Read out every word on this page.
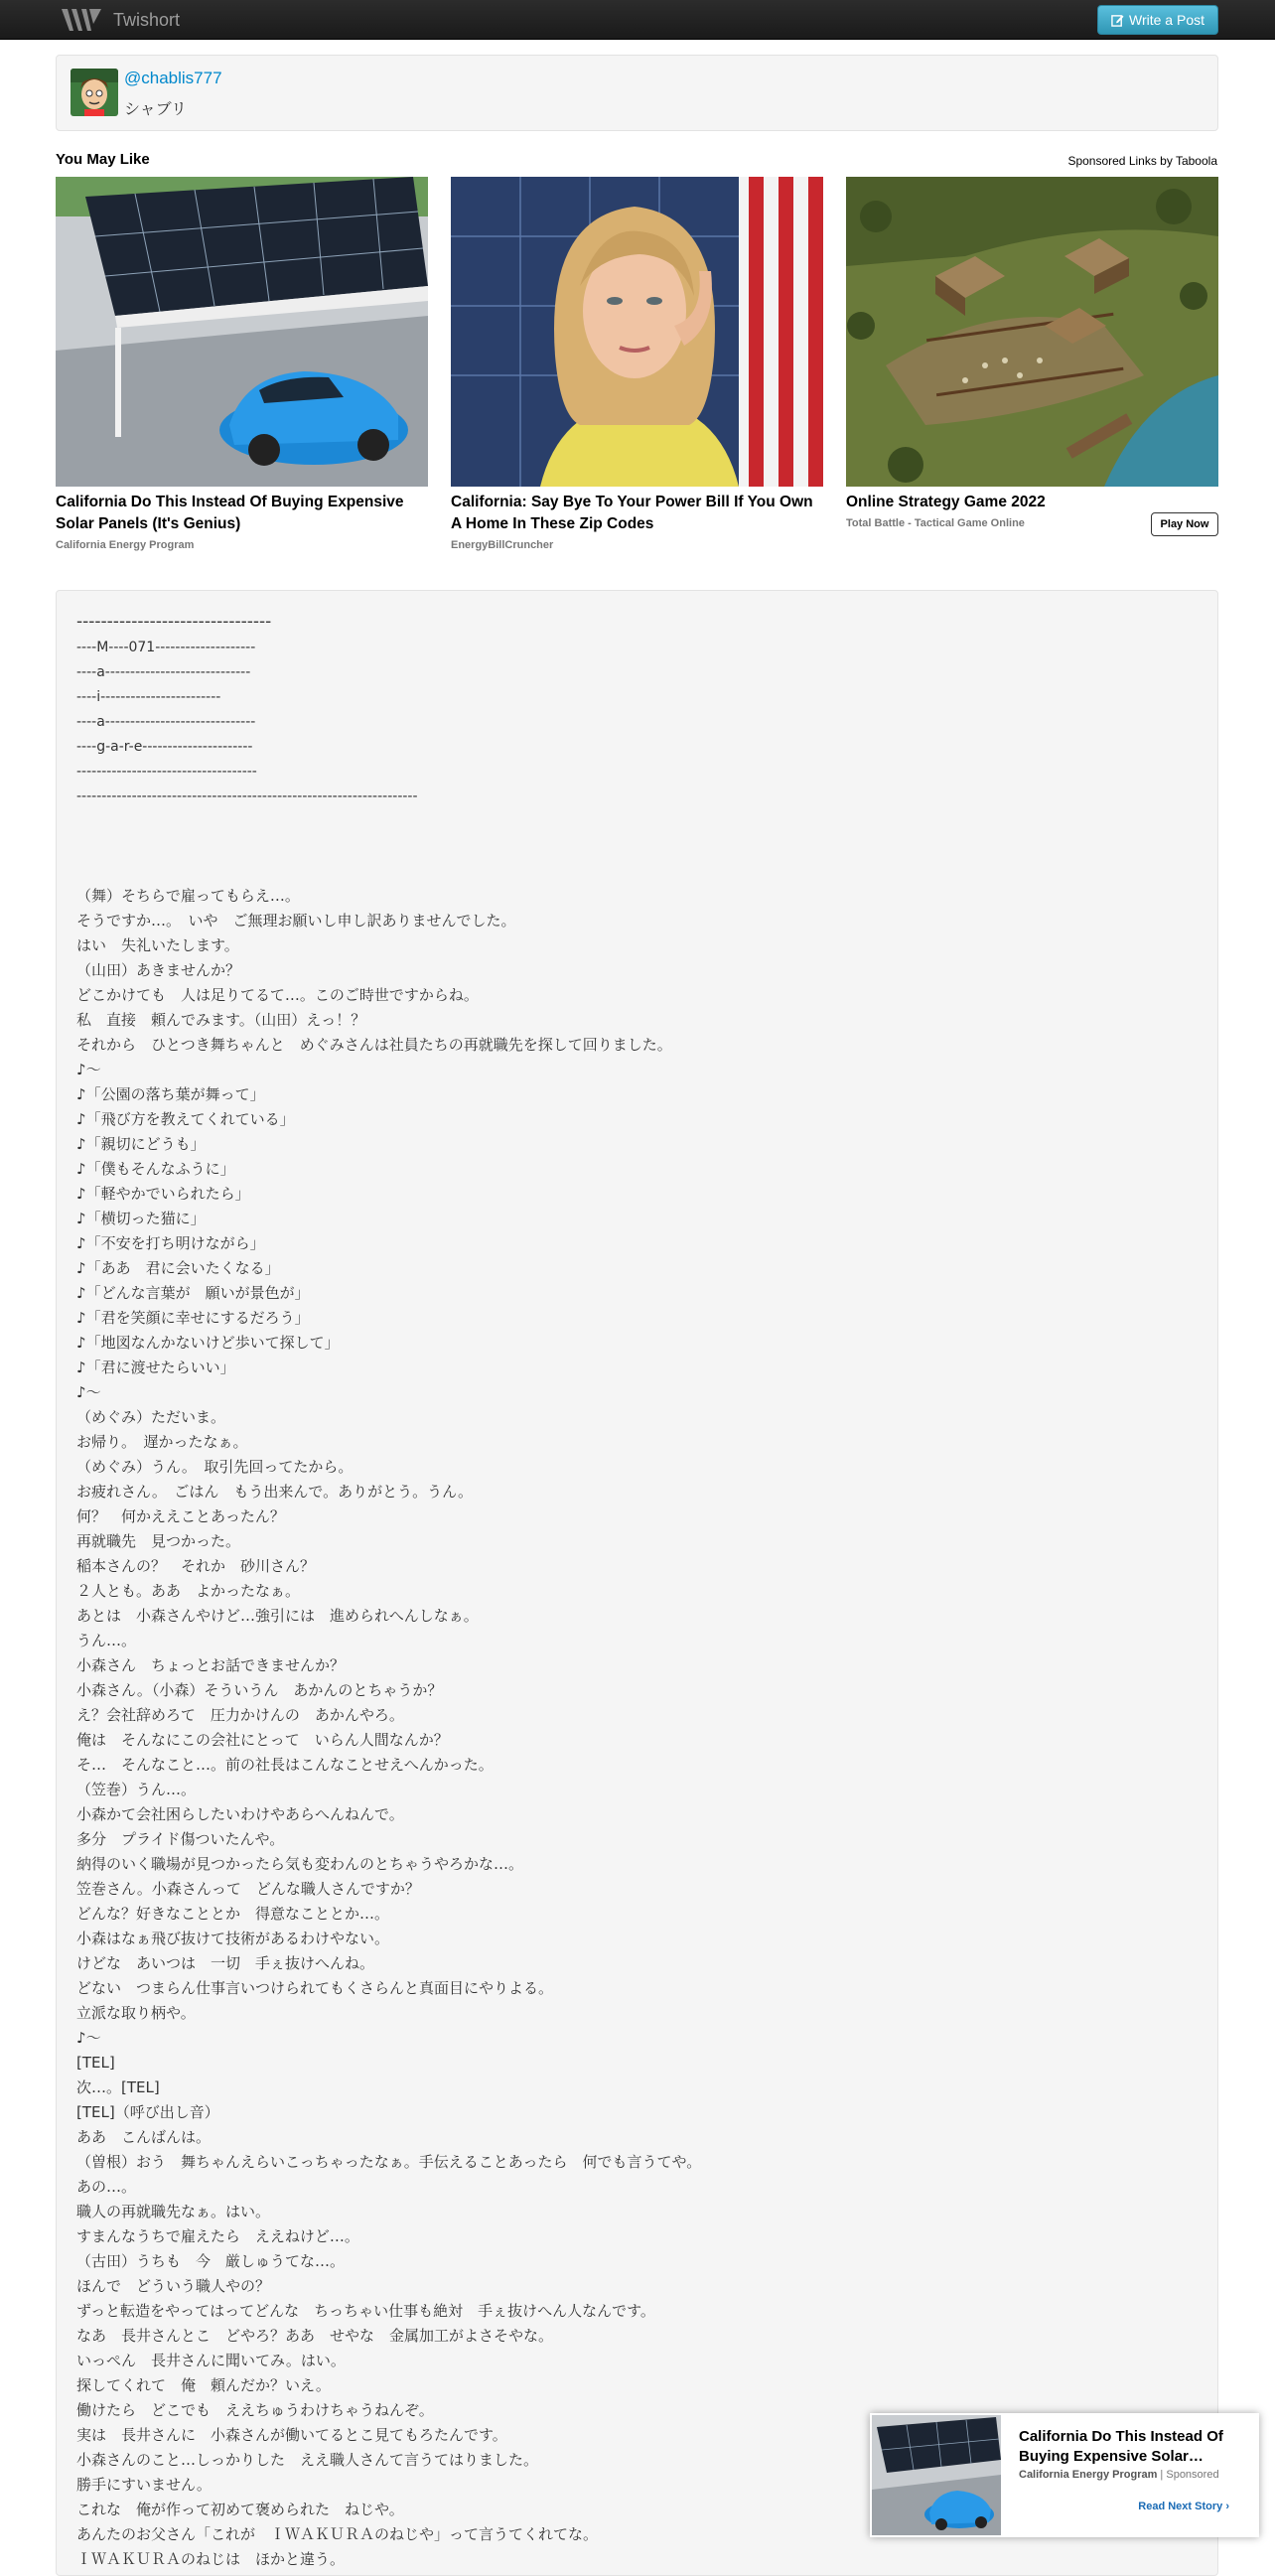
Twishort	Write a Post
@chablis777
シャブリ
You May Like	Sponsored Links by Taboola
California Do This Instead Of Buying Expensive Solar Panels (It's Genius)
California Energy Program
California: Say Bye To Your Power Bill If You Own A Home In These Zip Codes
EnergyBillCruncher
Online Strategy Game 2022
Total Battle - Tactical Game Online	Play Now
--------------------------------
----M----071--------------------
----a-----------------------------
----i------------------------
----a------------------------------
----g-a-r-e----------------------
------------------------------------
--------------------------------------------------------------------
（舞）そちらで雇ってもらえ…。
そうですか…。　いや　ご無理お願いし申し訳ありませんでした。
はい　失礼いたします。
（山田）あきませんか？
どこかけても　人は足りてるて…。このご時世ですからね。
私　直接　頼んでみます。（山田）えっ！？
それから　ひとつき舞ちゃんと　めぐみさんは社員たちの再就職先を探して回りました。
♪～
♪「公園の落ち葉が舞って」
♪「飛び方を教えてくれている」
♪「親切にどうも」
♪「僕もそんなふうに」
♪「軽やかでいられたら」
♪「横切った猫に」
♪「不安を打ち明けながら」
♪「ああ　君に会いたくなる」
♪「どんな言葉が　願いが景色が」
♪「君を笑顔に幸せにするだろう」
♪「地図なんかないけど歩いて探して」
♪「君に渡せたらいい」
♪～
（めぐみ）ただいま。
お帰り。　遅かったなぁ。
（めぐみ）うん。　取引先回ってたから。
お疲れさん。　ごはん　もう出来んで。ありがとう。うん。
何？　何かええことあったん？
再就職先　見つかった。
稲本さんの？　それか　砂川さん？
２人とも。ああ　よかったなぁ。
あとは　小森さんやけど…強引には　進められへんしなぁ。
うん…。
小森さん　ちょっとお話できませんか？
小森さん。（小森）そういうん　あかんのとちゃうか？
え？会社辞めろて　圧力かけんの　あかんやろ。
俺は　そんなにこの会社にとって　いらん人間なんか？
そ…　そんなこと…。前の社長はこんなことせえへんかった。
（笠巻）うん…。
小森かて会社困らしたいわけやあらへんねんで。
多分　プライド傷ついたんや。
納得のいく職場が見つかったら気も変わんのとちゃうやろかな…。
笠巻さん。小森さんって　どんな職人さんですか？
どんな？好きなこととか　得意なこととか…。
小森はなぁ飛び抜けて技術があるわけやない。
けどな　あいつは　一切　手ぇ抜けへんね。
どない　つまらん仕事言いつけられてもくさらんと真面目にやりよる。
立派な取り柄や。
♪～
[TEL]
次…。[TEL]
[TEL]（呼び出し音）
ああ　こんばんは。
（曽根）おう　舞ちゃんえらいこっちゃったなぁ。手伝えることあったら　何でも言うてや。
あの…。
職人の再就職先なぁ。はい。
すまんなうちで雇えたら　ええねけど…。
（古田）うちも　今　厳しゅうてな…。
ほんで　どういう職人やの？
ずっと転造をやってはってどんな　ちっちゃい仕事も絶対　手ぇ抜けへん人なんです。
なあ　長井さんとこ　どやろ？ああ　せやな　金属加工がよさそやな。
いっぺん　長井さんに聞いてみ。はい。
探してくれて　俺　頼んだか？いえ。
働けたら　どこでも　ええちゅうわけちゃうねんぞ。
実は　長井さんに　小森さんが働いてるとこ見てもろたんです。
小森さんのこと…しっかりした　ええ職人さんて言うてはりました。
勝手にすいません。
これな　俺が作って初めて褒められた　ねじや。
あんたのお父さん「これが　ＩＷＡＫＵＲＡのねじや」って言うてくれてな。
ＩＷＡＫＵＲＡのねじは　ほかと違う。
California Do This Instead Of Buying Expensive Solar…
California Energy Program | Sponsored
Read Next Story ›
